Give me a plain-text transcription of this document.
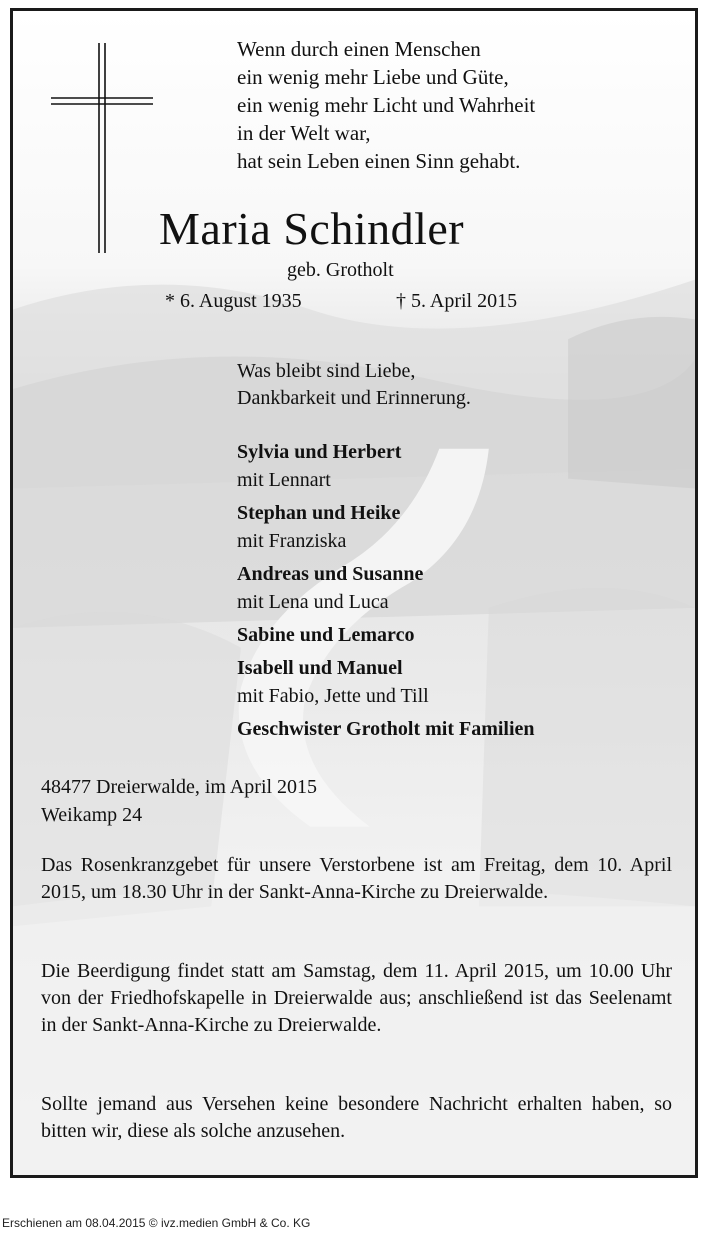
Wenn durch einen Menschen
ein wenig mehr Liebe und Güte,
ein wenig mehr Licht und Wahrheit
in der Welt war,
hat sein Leben einen Sinn gehabt.
Maria Schindler
geb. Grotholt
* 6. August 1935	† 5. April 2015
Was bleibt sind Liebe,
Dankbarkeit und Erinnerung.
Sylvia und Herbert
mit Lennart
Stephan und Heike
mit Franziska
Andreas und Susanne
mit Lena und Luca
Sabine und Lemarco
Isabell und Manuel
mit Fabio, Jette und Till
Geschwister Grotholt mit Familien
48477 Dreierwalde, im April 2015
Weikamp 24
Das Rosenkranzgebet für unsere Verstorbene ist am Freitag, dem 10. April 2015, um 18.30 Uhr in der Sankt-Anna-Kirche zu Dreierwalde.
Die Beerdigung findet statt am Samstag, dem 11. April 2015, um 10.00 Uhr von der Friedhofskapelle in Dreierwalde aus; anschließend ist das Seelenamt in der Sankt-Anna-Kirche zu Dreierwalde.
Sollte jemand aus Versehen keine besondere Nachricht erhalten haben, so bitten wir, diese als solche anzusehen.
Erschienen am 08.04.2015 © ivz.medien GmbH & Co. KG
